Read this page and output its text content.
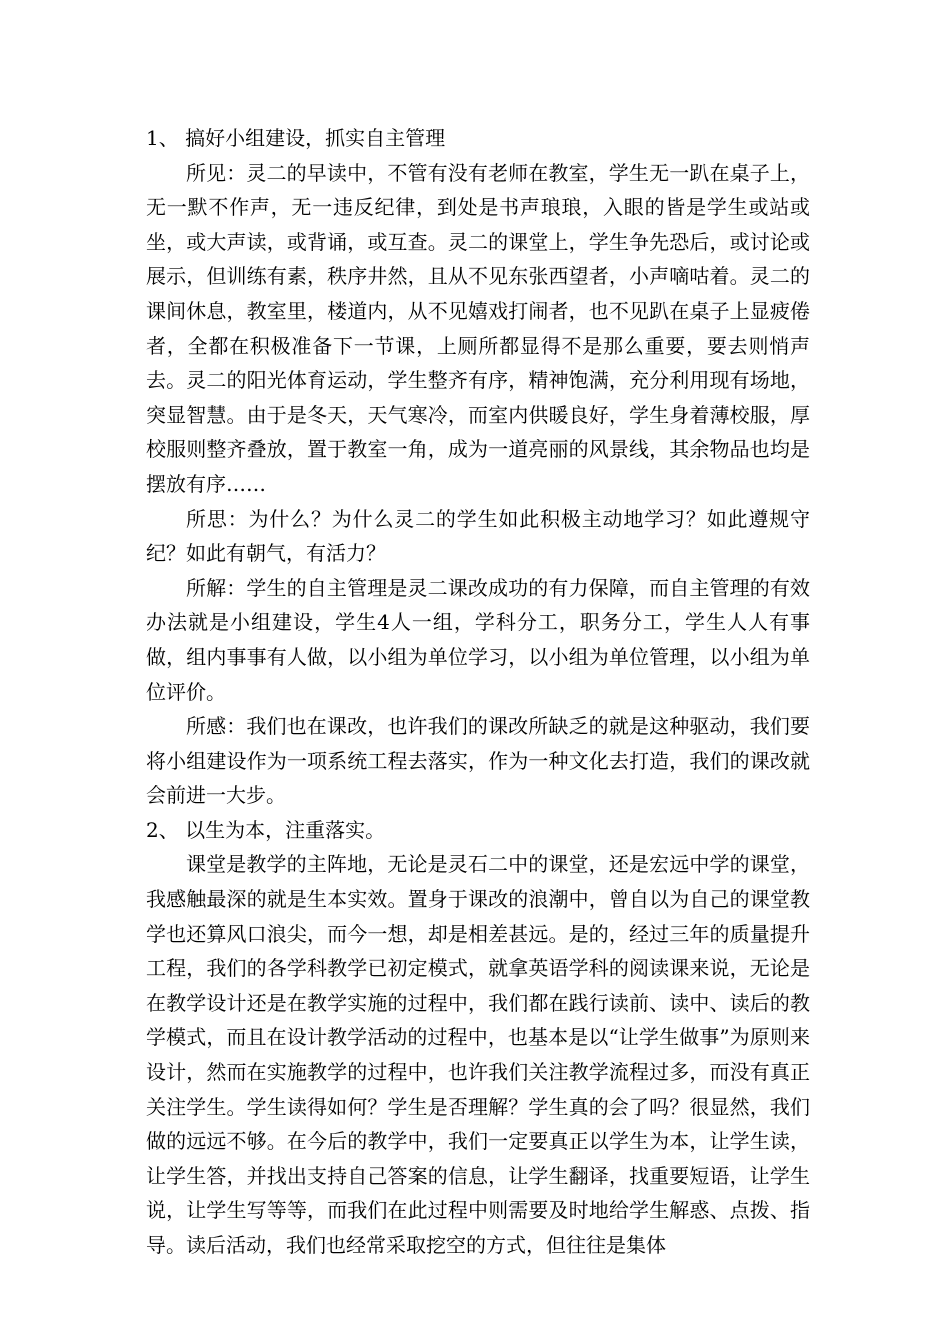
1、 搞好小组建设，抓实自主管理

所见：灵二的早读中，不管有没有老师在教室，学生无一趴在桌子上，无一默不作声，无一违反纪律，到处是书声琅琅，入眼的皆是学生或站或坐，或大声读，或背诵，或互查。灵二的课堂上，学生争先恐后，或讨论或展示，但训练有素，秩序井然，且从不见东张西望者，小声嘀咕着。灵二的课间休息，教室里，楼道内，从不见嬉戏打闹者，也不见趴在桌子上显疲倦者，全都在积极准备下一节课，上厕所都显得不是那么重要，要去则悄声去。灵二的阳光体育运动，学生整齐有序，精神饱满，充分利用现有场地，突显智慧。由于是冬天，天气寒冷，而室内供暖良好，学生身着薄校服，厚校服则整齐叠放，置于教室一角，成为一道亮丽的风景线，其余物品也均是摆放有序……

所思：为什么？为什么灵二的学生如此积极主动地学习？如此遵规守纪？如此有朝气，有活力？

所解：学生的自主管理是灵二课改成功的有力保障，而自主管理的有效办法就是小组建设，学生4人一组，学科分工，职务分工，学生人人有事做，组内事事有人做，以小组为单位学习，以小组为单位管理，以小组为单位评价。

所感：我们也在课改，也许我们的课改所缺乏的就是这种驱动，我们要将小组建设作为一项系统工程去落实，作为一种文化去打造，我们的课改就会前进一大步。

2、 以生为本，注重落实。

课堂是教学的主阵地，无论是灵石二中的课堂，还是宏远中学的课堂，我感触最深的就是生本实效。置身于课改的浪潮中，曾自以为自己的课堂教学也还算风口浪尖，而今一想，却是相差甚远。是的，经过三年的质量提升工程，我们的各学科教学已初定模式，就拿英语学科的阅读课来说，无论是在教学设计还是在教学实施的过程中，我们都在践行读前、读中、读后的教学模式，而且在设计教学活动的过程中，也基本是以“让学生做事”为原则来设计，然而在实施教学的过程中，也许我们关注教学流程过多，而没有真正关注学生。学生读得如何？学生是否理解？学生真的会了吗？很显然，我们做的远远不够。在今后的教学中，我们一定要真正以学生为本，让学生读，让学生答，并找出支持自己答案的信息，让学生翻译，找重要短语，让学生说，让学生写等等，而我们在此过程中则需要及时地给学生解惑、点拨、指导。读后活动，我们也经常采取挖空的方式，但往往是集体
